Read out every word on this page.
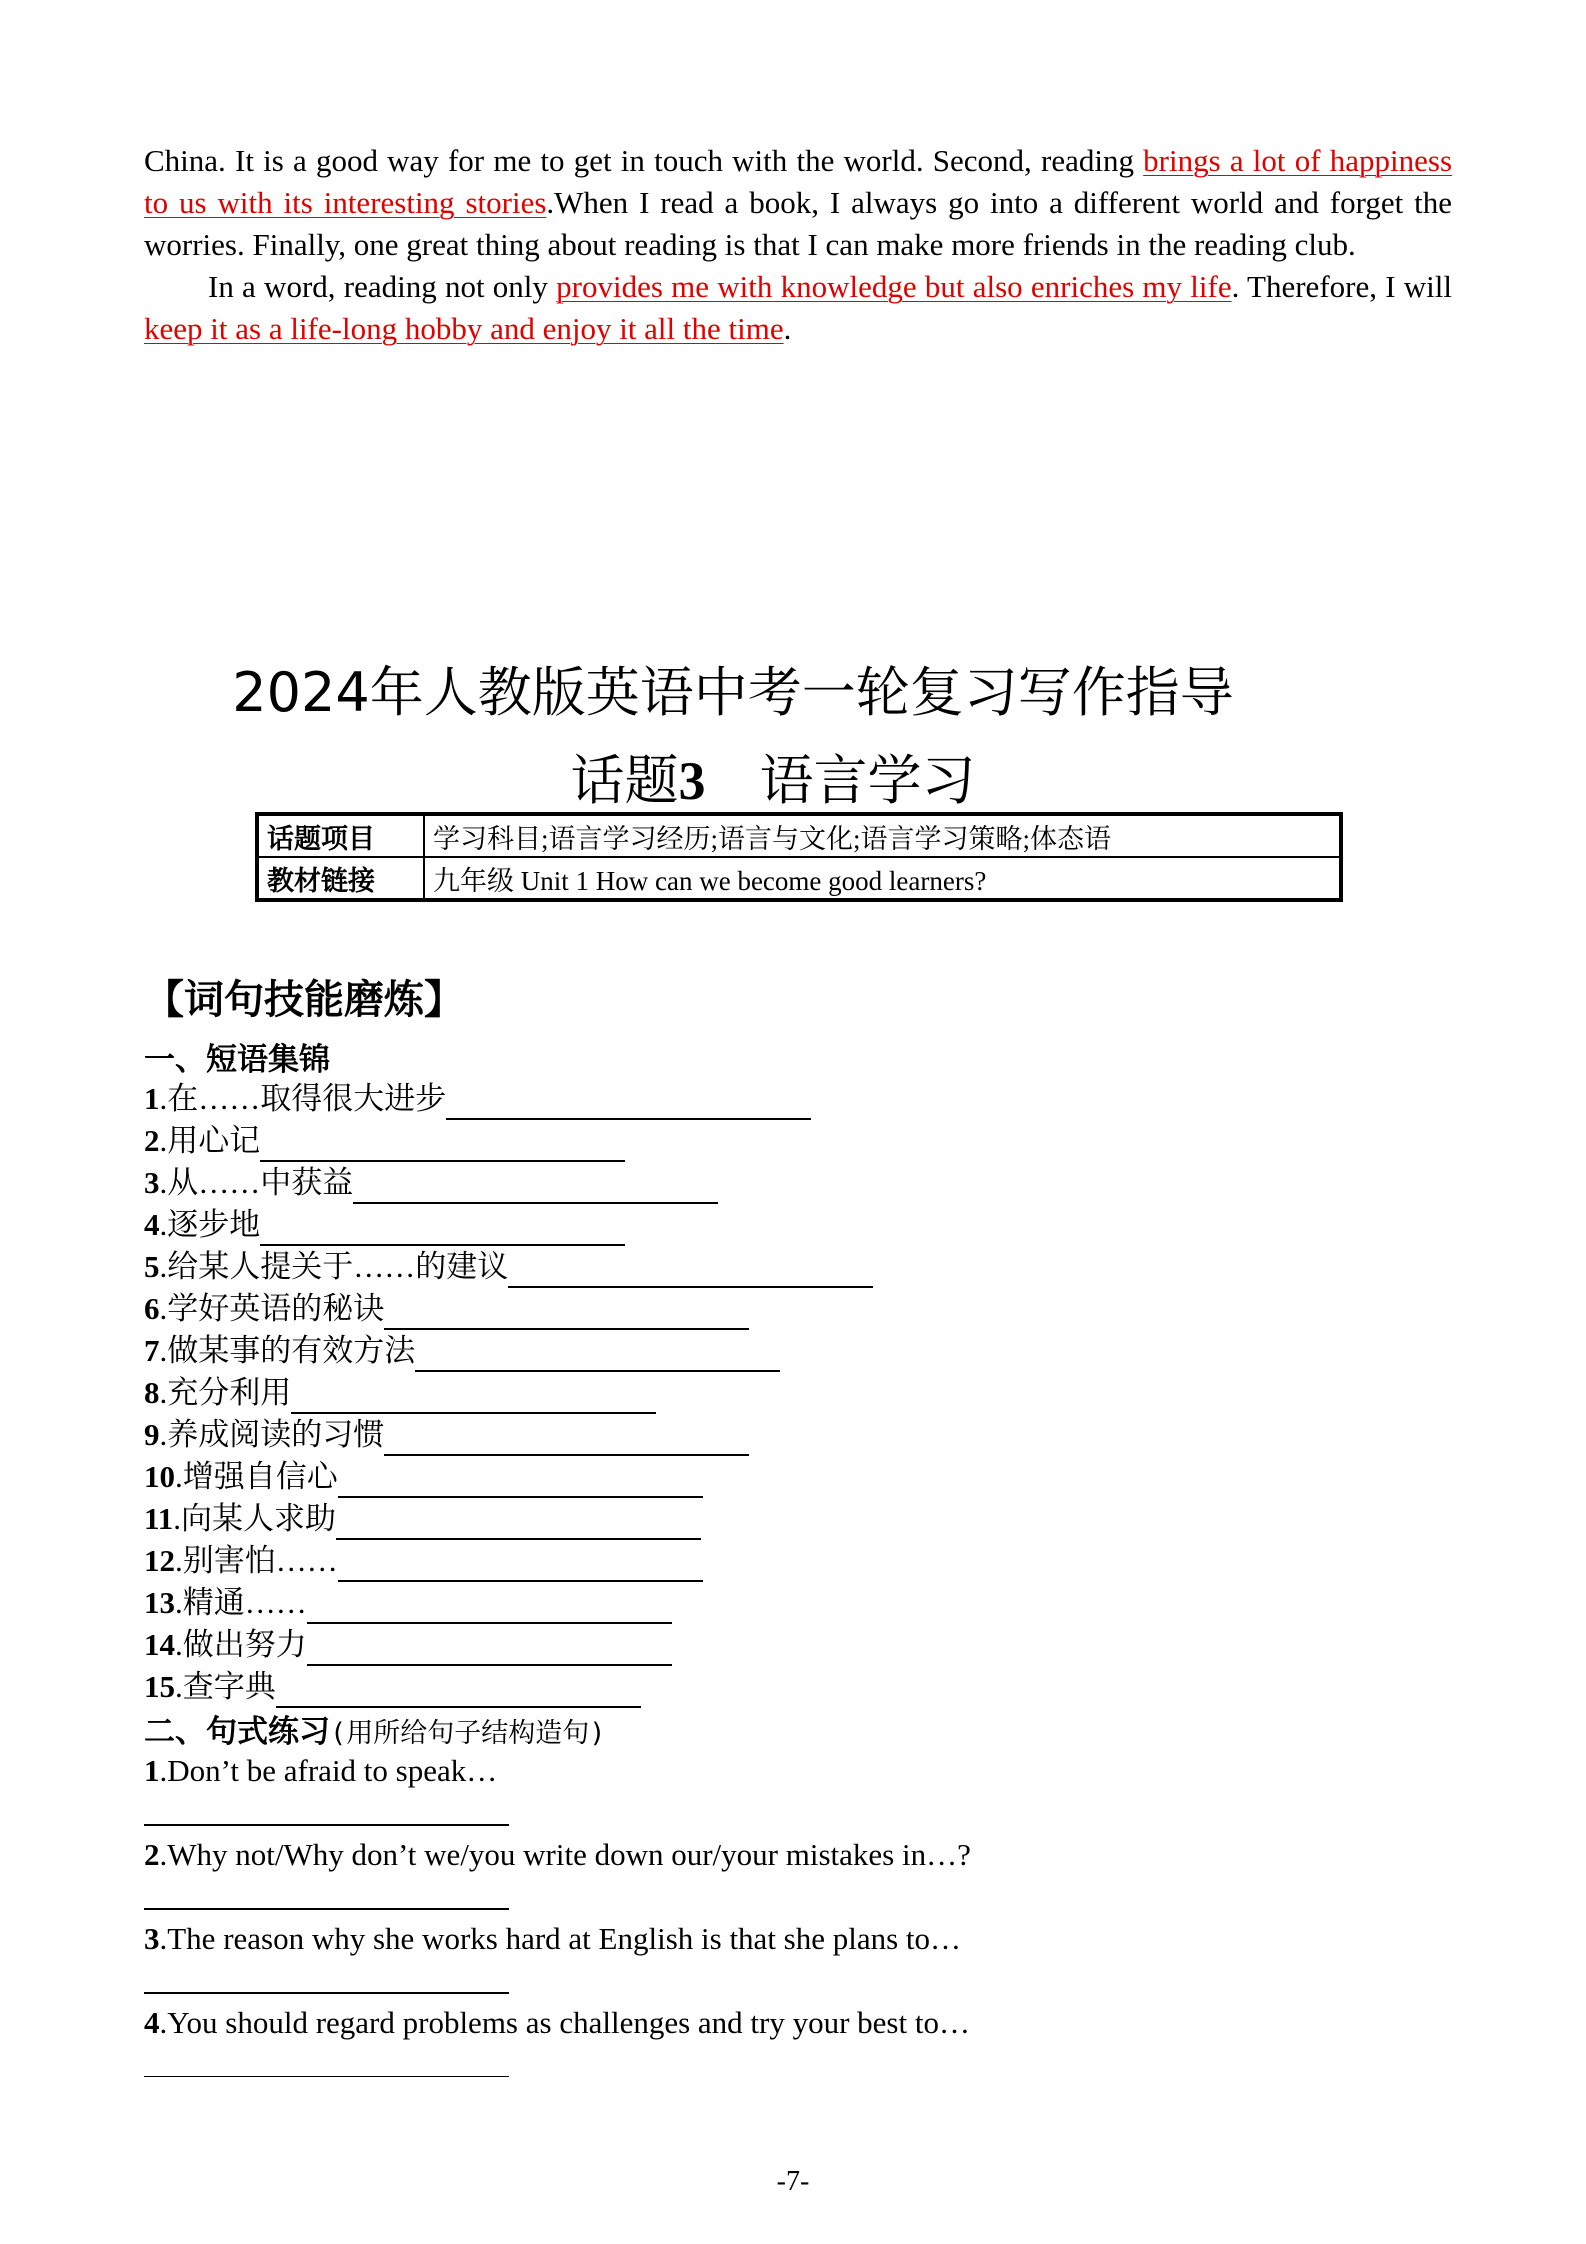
China. It is a good way for me to get in touch with the world. Second, reading brings a lot of happiness to us with its interesting stories.When I read a book, I always go into a different world and forget the worries. Finally, one great thing about reading is that I can make more friends in the reading club.

In a word, reading not only provides me with knowledge but also enriches my life. Therefore, I will keep it as a life-long hobby and enjoy it all the time.

2024年人教版英语中考一轮复习写作指导
话题3 语言学习
话题项目	学习科目;语言学习经历;语言与文化;语言学习策略;体态语
教材链接	九年级 Unit 1 How can we become good learners?
【词句技能磨炼】
一、短语集锦
1 .在……取得很大进步
2 .用心记
3 .从……中获益
4 .逐步地
5 .给某人提关于……的建议
6 .学好英语的秘诀
7 .做某事的有效方法
8 .充分利用
9 .养成阅读的习惯
10 .增强自信心
11 .向某人求助
12 .别害怕……
13 .精通……
14 .做出努力
15 .查字典
二、句式练习(用所给句子结构造句)
1.Don’t be afraid to speak…
2.Why not/Why don’t we/you write down our/your mistakes in…?
3.The reason why she works hard at English is that she plans to…
4.You should regard problems as challenges and try your best to…
-7-
